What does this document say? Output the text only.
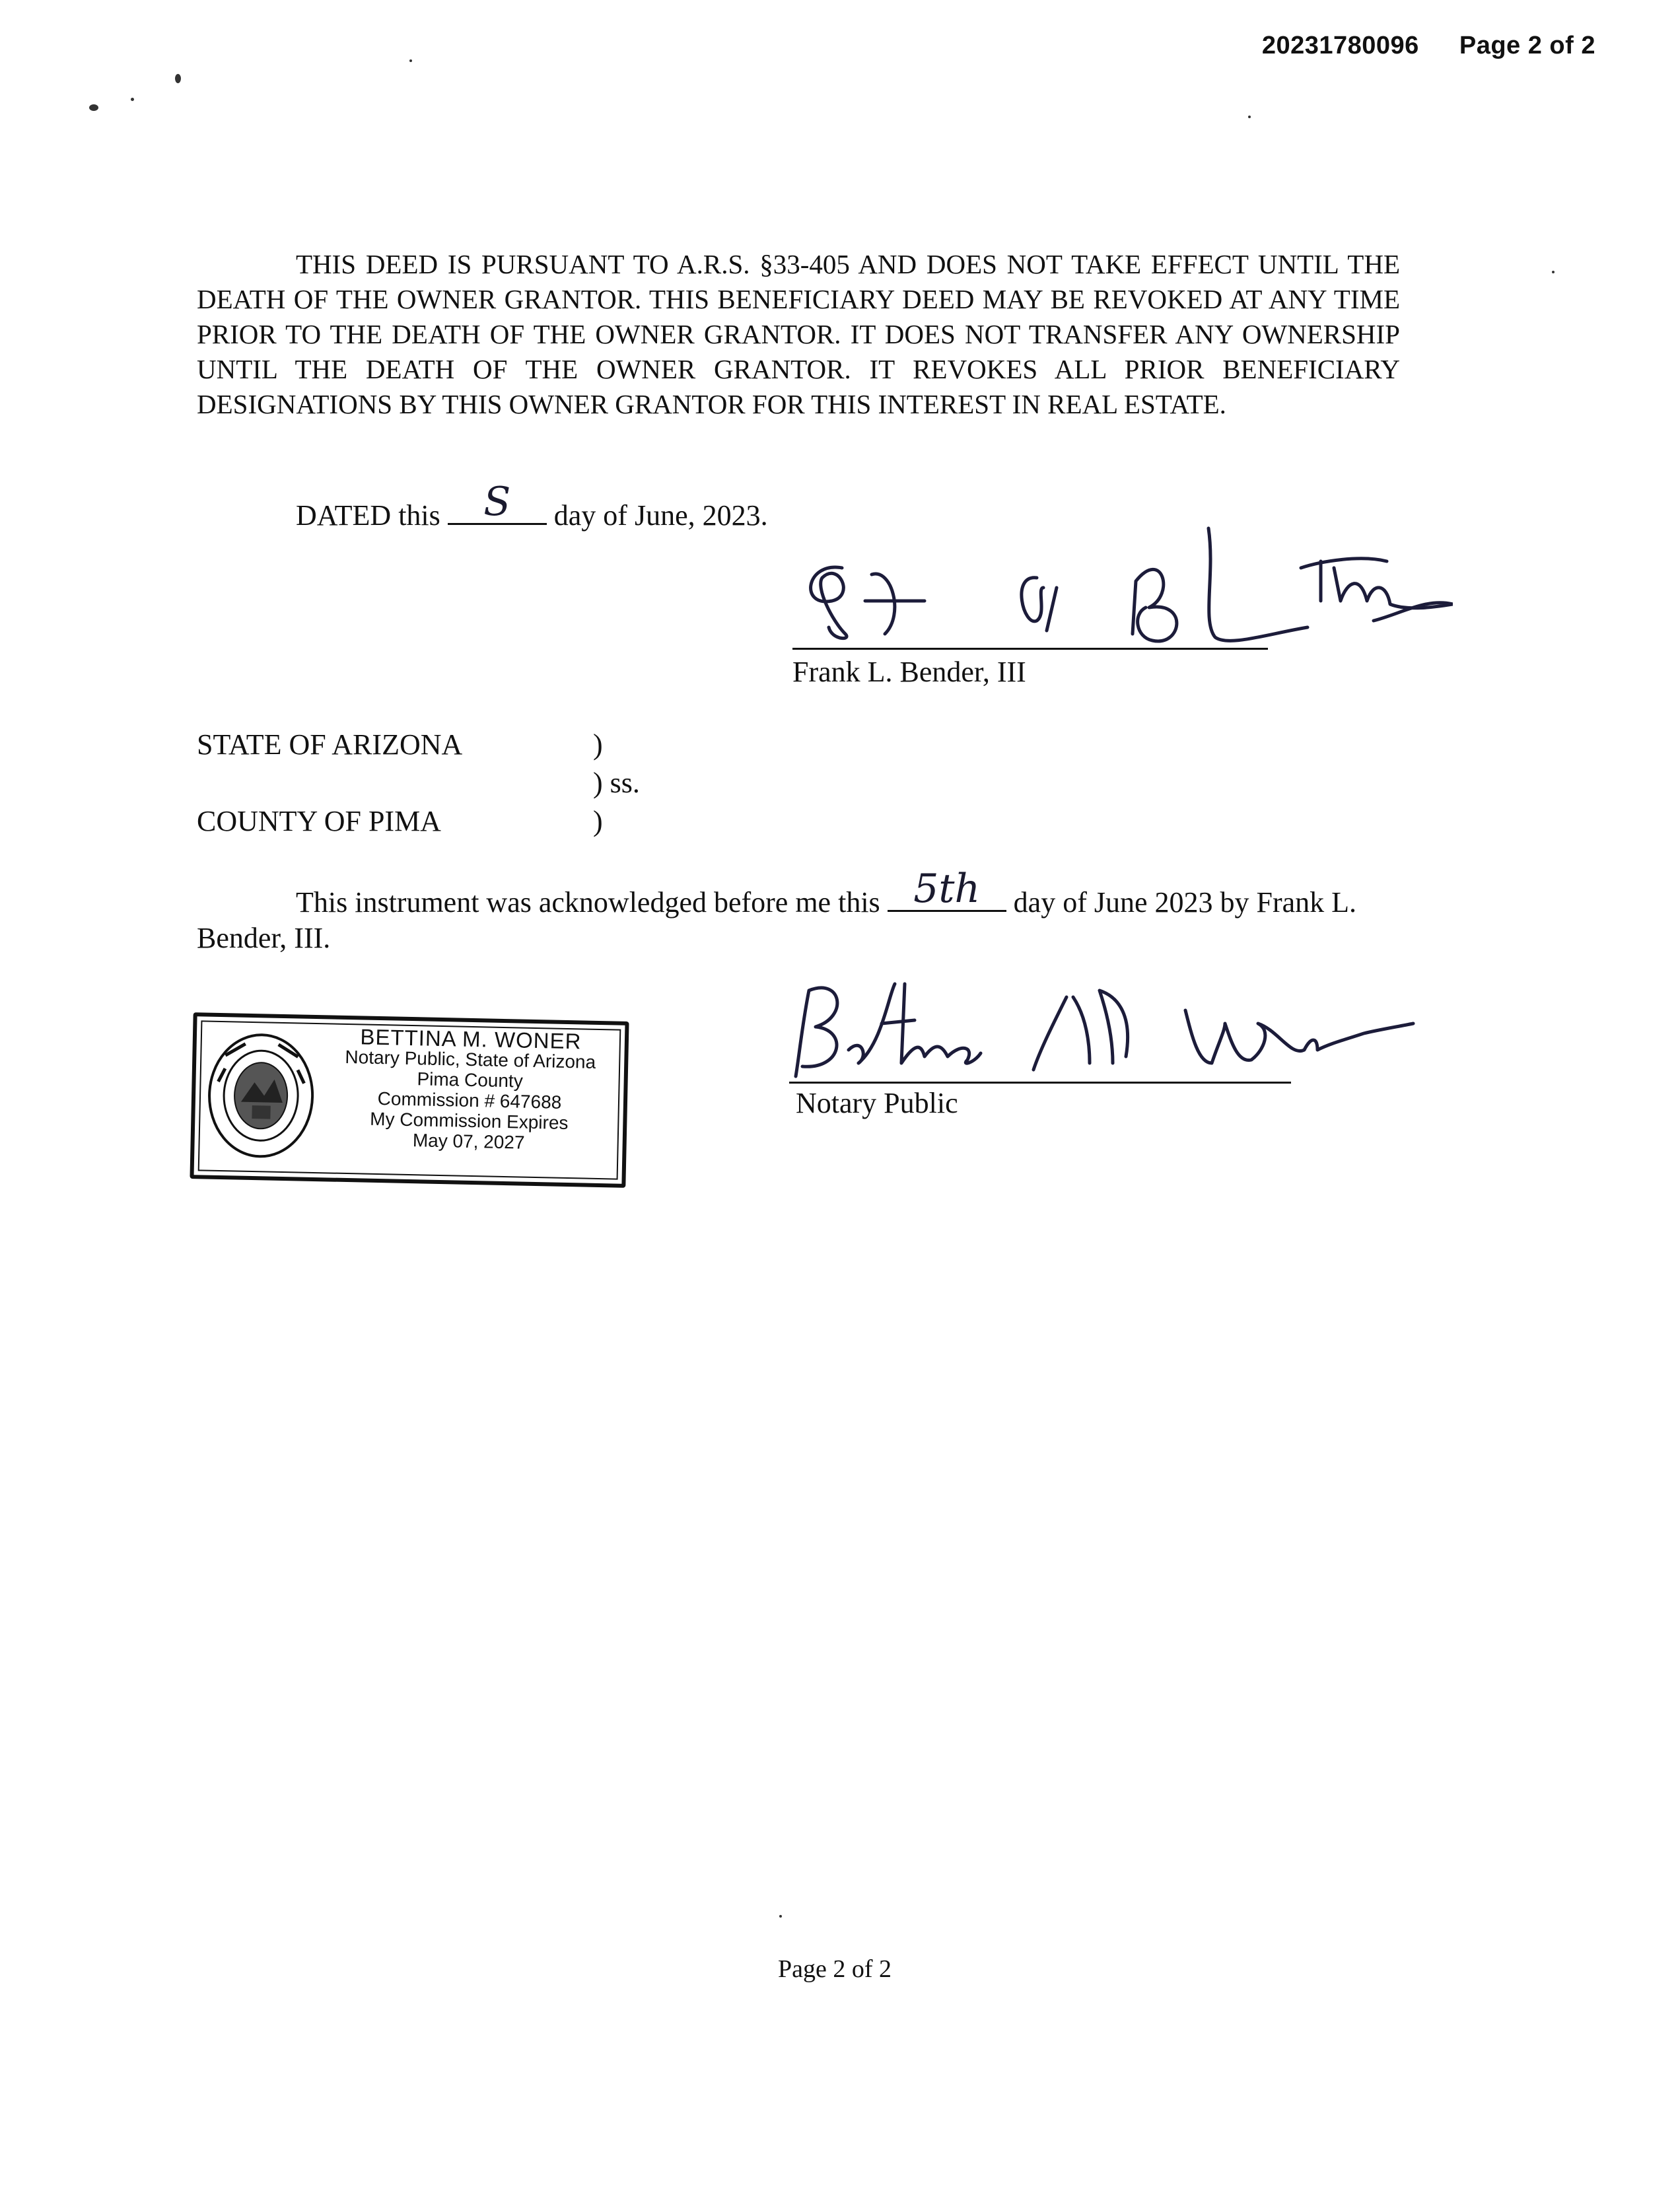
20231780096 Page 2 of 2

THIS DEED IS PURSUANT TO A.R.S. §33-405 AND DOES NOT TAKE EFFECT UNTIL THE DEATH OF THE OWNER GRANTOR. THIS BENEFICIARY DEED MAY BE REVOKED AT ANY TIME PRIOR TO THE DEATH OF THE OWNER GRANTOR. IT DOES NOT TRANSFER ANY OWNERSHIP UNTIL THE DEATH OF THE OWNER GRANTOR. IT REVOKES ALL PRIOR BENEFICIARY DESIGNATIONS BY THIS OWNER GRANTOR FOR THIS INTEREST IN REAL ESTATE.

DATED this	S	day of June, 2023.
Frank L. Bender, III
STATE OF ARIZONA	)
) ss.
COUNTY OF PIMA	)
This instrument was acknowledged before me this 5th	day of June 2023 by Frank L.
Bender, III.
BETTINA M. WONER
Notary Public, State of Arizona
Pima County
Commission # 647688
My Commission Expires
May 07, 2027
Notary Public
Page 2 of 2
